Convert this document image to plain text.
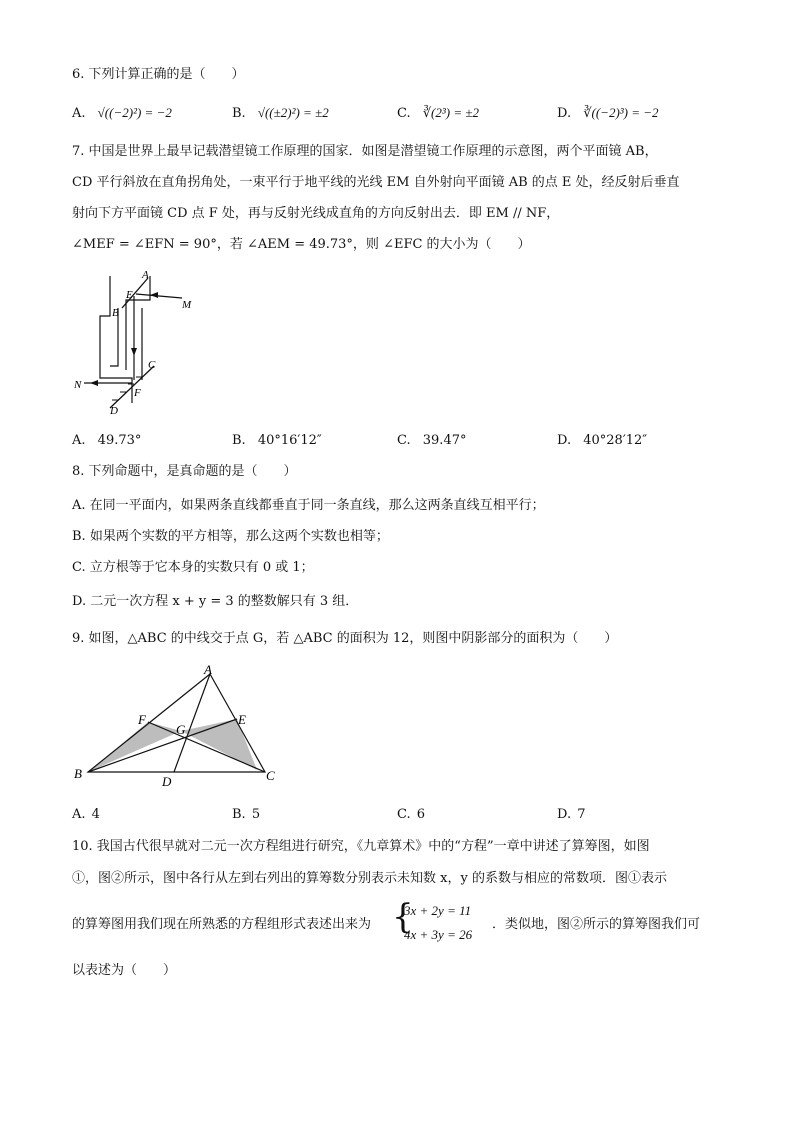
6. 下列计算正确的是（　　）
A. √((−2)²) = −2	B. √((±2)²) = ±2	C. ∛(2³) = ±2	D. ∛((−2)³) = −2
7. 中国是世界上最早记载潜望镜工作原理的国家．如图是潜望镜工作原理的示意图，两个平面镜 AB，
CD 平行斜放在直角拐角处，一束平行于地平线的光线 EM 自外射向平面镜 AB 的点 E 处，经反射后垂直
射向下方平面镜 CD 点 F 处，再与反射光线成直角的方向反射出去．即 EM // NF，
∠MEF = ∠EFN = 90°，若 ∠AEM = 49.73°，则 ∠EFC 的大小为（　　）
A
E
M
B
C
N
F
D
A. 49.73°	B. 40°16′12″	C. 39.47°	D. 40°28′12″
8. 下列命题中，是真命题的是（　　）
A. 在同一平面内，如果两条直线都垂直于同一条直线，那么这两条直线互相平行；
B. 如果两个实数的平方相等，那么这两个实数也相等；
C. 立方根等于它本身的实数只有 0 或 1；
D. 二元一次方程 x + y = 3 的整数解只有 3 组．
9. 如图，△ABC 的中线交于点 G，若 △ABC 的面积为 12，则图中阴影部分的面积为（　　）
A
F	E
G
B
D	C
A. 4	B. 5	C. 6	D. 7
10. 我国古代很早就对二元一次方程组进行研究，《九章算术》中的“方程”一章中讲述了算筹图，如图
①，图②所示，图中各行从左到右列出的算筹数分别表示未知数 x，y 的系数与相应的常数项．图①表示
的算筹图用我们现在所熟悉的方程组形式表述出来为 {
3x + 2y = 11
4x + 3y = 26
．类似地，图②所示的算筹图我们可
以表述为（　　）
